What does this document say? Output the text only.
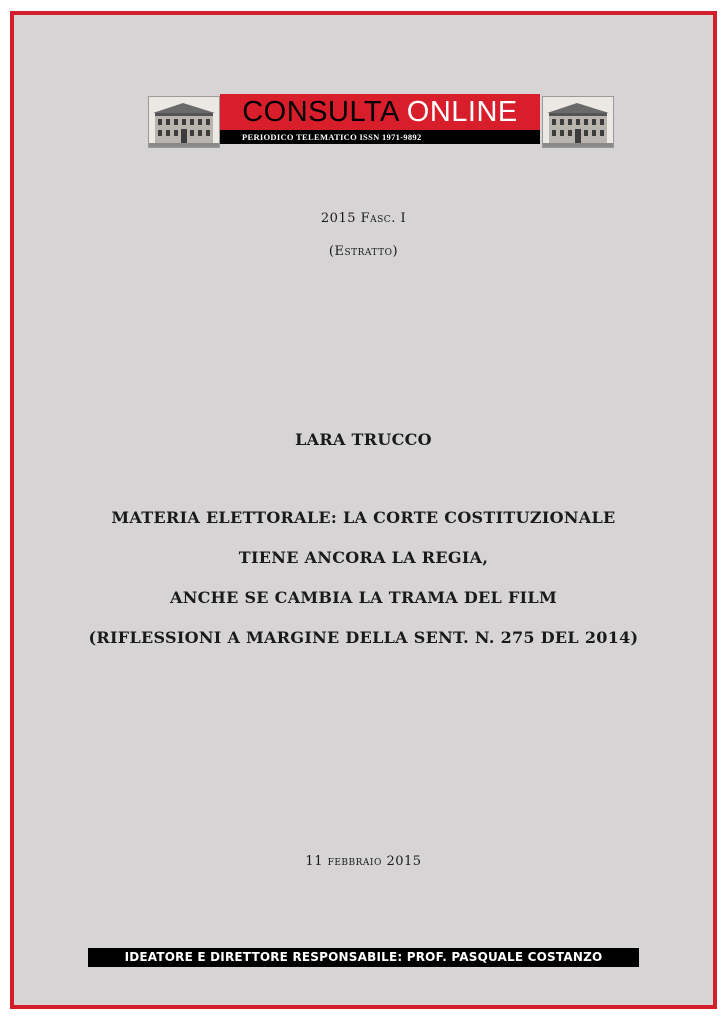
CONSULTA ONLINE
PERIODICO TELEMATICO ISSN 1971-9892
2015 Fasc. I
(Estratto)
LARA TRUCCO
MATERIA ELETTORALE: LA CORTE COSTITUZIONALE
TIENE ANCORA LA REGIA,
ANCHE SE CAMBIA LA TRAMA DEL FILM
(RIFLESSIONI A MARGINE DELLA SENT. N. 275 DEL 2014)
11 febbraio 2015
IDEATORE E DIRETTORE RESPONSABILE: PROF. PASQUALE COSTANZO
